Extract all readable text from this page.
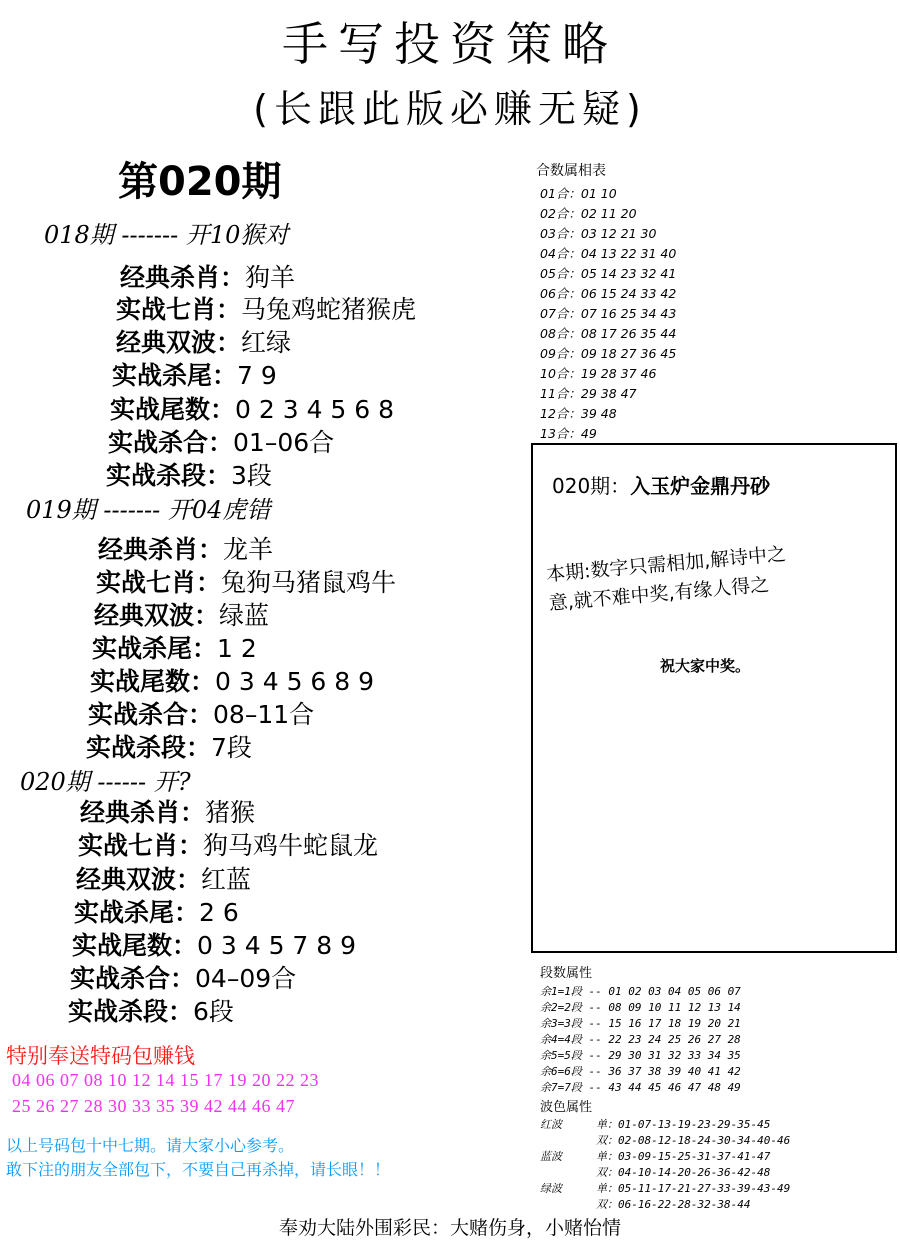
手写投资策略
(长跟此版必赚无疑)
第020期
018期 ------- 开10猴对
经典杀肖：狗羊
实战七肖：马兔鸡蛇猪猴虎
经典双波：红绿
实战杀尾：7 9
实战尾数：0 2 3 4 5 6 8
实战杀合：01–06合
实战杀段：3段
019期 ------- 开04虎错
经典杀肖：龙羊
实战七肖：兔狗马猪鼠鸡牛
经典双波：绿蓝
实战杀尾：1 2
实战尾数：0 3 4 5 6 8 9
实战杀合：08–11合
实战杀段：7段
020期 ------ 开?
经典杀肖：猪猴
实战七肖：狗马鸡牛蛇鼠龙
经典双波：红蓝
实战杀尾：2 6
实战尾数：0 3 4 5 7 8 9
实战杀合：04–09合
实战杀段：6段
特别奉送特码包赚钱
04 06 07 08 10 12 14 15 17 19 20 22 23
25 26 27 28 30 33 35 39 42 44 46 47
以上号码包十中七期。请大家小心参考。
敢下注的朋友全部包下，不要自己再杀掉，请长眼！！
合数属相表
01合：01 10
02合：02 11 20
03合：03 12 21 30
04合：04 13 22 31 40
05合：05 14 23 32 41
06合：06 15 24 33 42
07合：07 16 25 34 43
08合：08 17 26 35 44
09合：09 18 27 36 45
10合：19 28 37 46
11合：29 38 47
12合：39 48
13合：49
020期：入玉炉金鼎丹砂
本期:数字只需相加,解诗中之
意,就不难中奖,有缘人得之
祝大家中奖。
段数属性
余1=1段 -- 01 02 03 04 05 06 07
余2=2段 -- 08 09 10 11 12 13 14
余3=3段 -- 15 16 17 18 19 20 21
余4=4段 -- 22 23 24 25 26 27 28
余5=5段 -- 29 30 31 32 33 34 35
余6=6段 -- 36 37 38 39 40 41 42
余7=7段 -- 43 44 45 46 47 48 49
波色属性
红波	单：01-07-13-19-23-29-35-45
双：02-08-12-18-24-30-34-40-46
蓝波	单：03-09-15-25-31-37-41-47
双：04-10-14-20-26-36-42-48
绿波	单：05-11-17-21-27-33-39-43-49
双：06-16-22-28-32-38-44
奉劝大陆外围彩民：大赌伤身，小赌怡情
